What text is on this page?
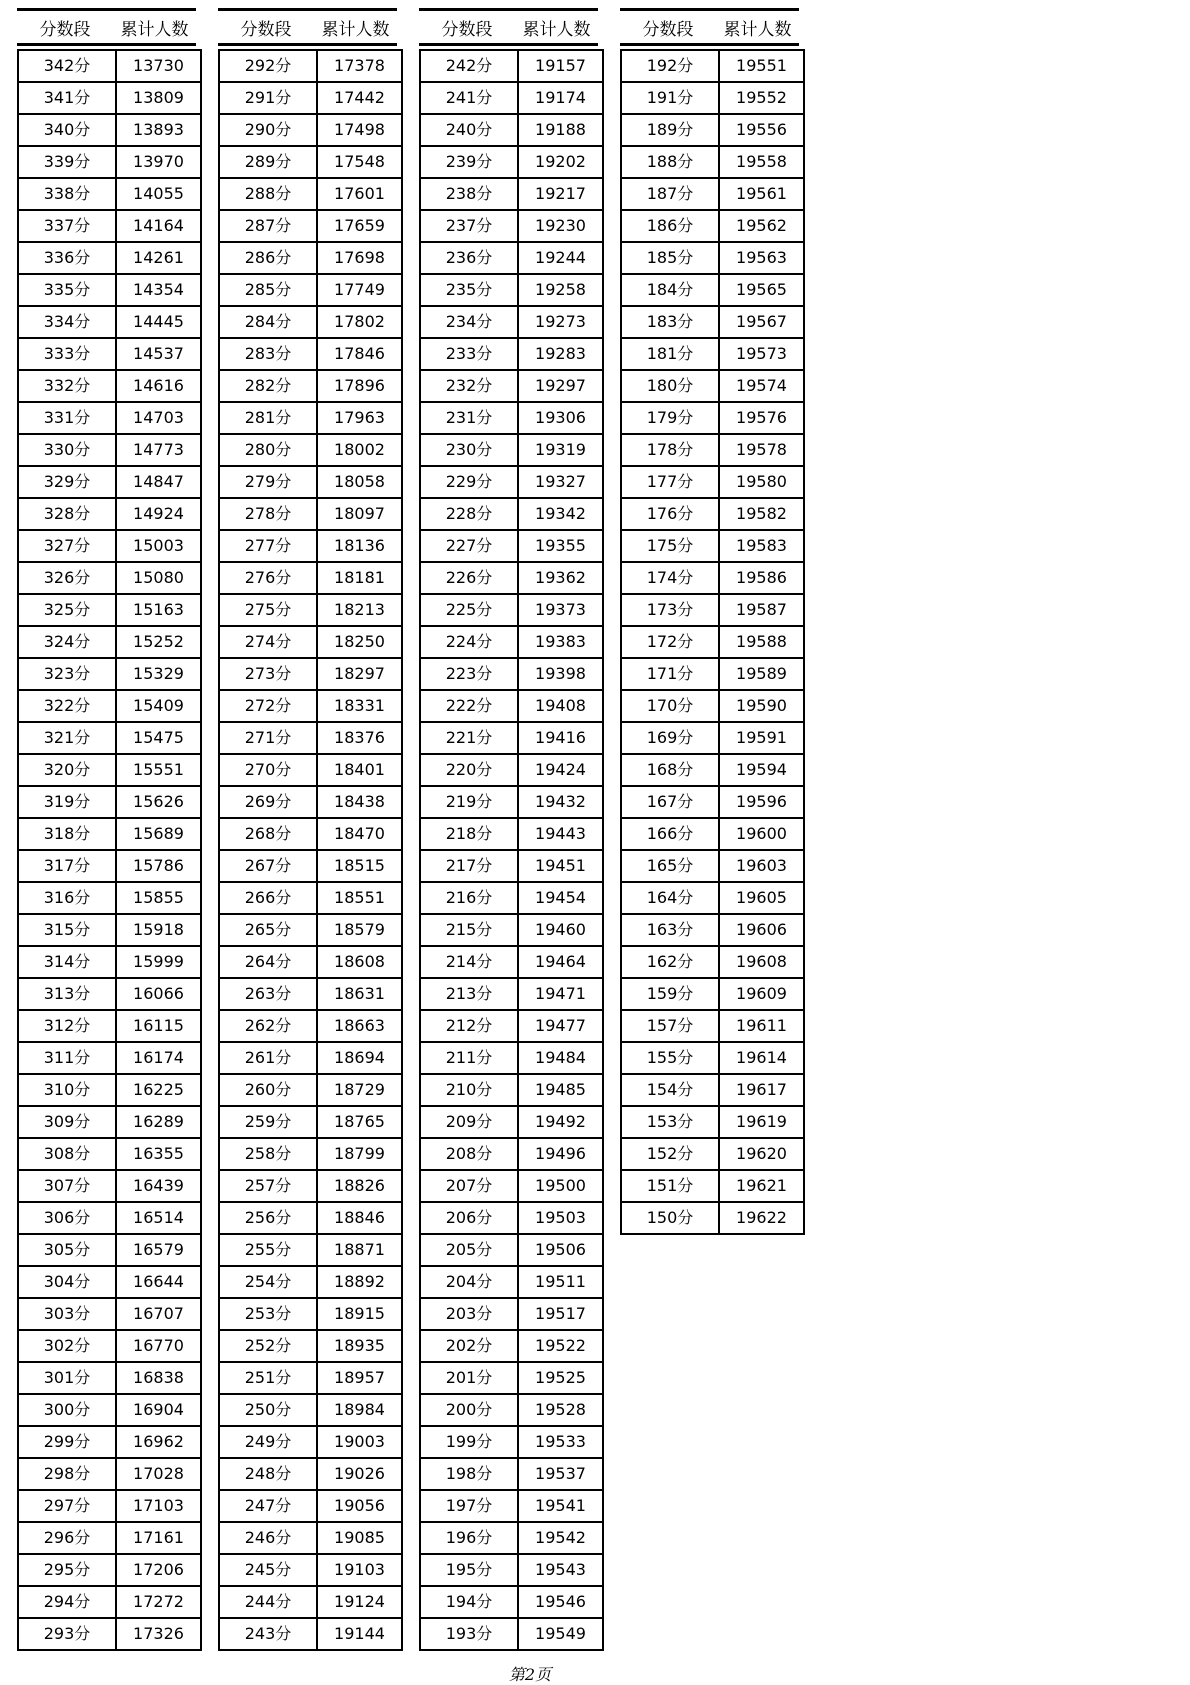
分数段	累计人数
342分	13730
341分	13809
340分	13893
339分	13970
338分	14055
337分	14164
336分	14261
335分	14354
334分	14445
333分	14537
332分	14616
331分	14703
330分	14773
329分	14847
328分	14924
327分	15003
326分	15080
325分	15163
324分	15252
323分	15329
322分	15409
321分	15475
320分	15551
319分	15626
318分	15689
317分	15786
316分	15855
315分	15918
314分	15999
313分	16066
312分	16115
311分	16174
310分	16225
309分	16289
308分	16355
307分	16439
306分	16514
305分	16579
304分	16644
303分	16707
302分	16770
301分	16838
300分	16904
299分	16962
298分	17028
297分	17103
296分	17161
295分	17206
294分	17272
293分	17326
分数段	累计人数
292分	17378
291分	17442
290分	17498
289分	17548
288分	17601
287分	17659
286分	17698
285分	17749
284分	17802
283分	17846
282分	17896
281分	17963
280分	18002
279分	18058
278分	18097
277分	18136
276分	18181
275分	18213
274分	18250
273分	18297
272分	18331
271分	18376
270分	18401
269分	18438
268分	18470
267分	18515
266分	18551
265分	18579
264分	18608
263分	18631
262分	18663
261分	18694
260分	18729
259分	18765
258分	18799
257分	18826
256分	18846
255分	18871
254分	18892
253分	18915
252分	18935
251分	18957
250分	18984
249分	19003
248分	19026
247分	19056
246分	19085
245分	19103
244分	19124
243分	19144
分数段	累计人数
242分	19157
241分	19174
240分	19188
239分	19202
238分	19217
237分	19230
236分	19244
235分	19258
234分	19273
233分	19283
232分	19297
231分	19306
230分	19319
229分	19327
228分	19342
227分	19355
226分	19362
225分	19373
224分	19383
223分	19398
222分	19408
221分	19416
220分	19424
219分	19432
218分	19443
217分	19451
216分	19454
215分	19460
214分	19464
213分	19471
212分	19477
211分	19484
210分	19485
209分	19492
208分	19496
207分	19500
206分	19503
205分	19506
204分	19511
203分	19517
202分	19522
201分	19525
200分	19528
199分	19533
198分	19537
197分	19541
196分	19542
195分	19543
194分	19546
193分	19549
分数段	累计人数
192分	19551
191分	19552
189分	19556
188分	19558
187分	19561
186分	19562
185分	19563
184分	19565
183分	19567
181分	19573
180分	19574
179分	19576
178分	19578
177分	19580
176分	19582
175分	19583
174分	19586
173分	19587
172分	19588
171分	19589
170分	19590
169分	19591
168分	19594
167分	19596
166分	19600
165分	19603
164分	19605
163分	19606
162分	19608
159分	19609
157分	19611
155分	19614
154分	19617
153分	19619
152分	19620
151分	19621
150分	19622
第2页
